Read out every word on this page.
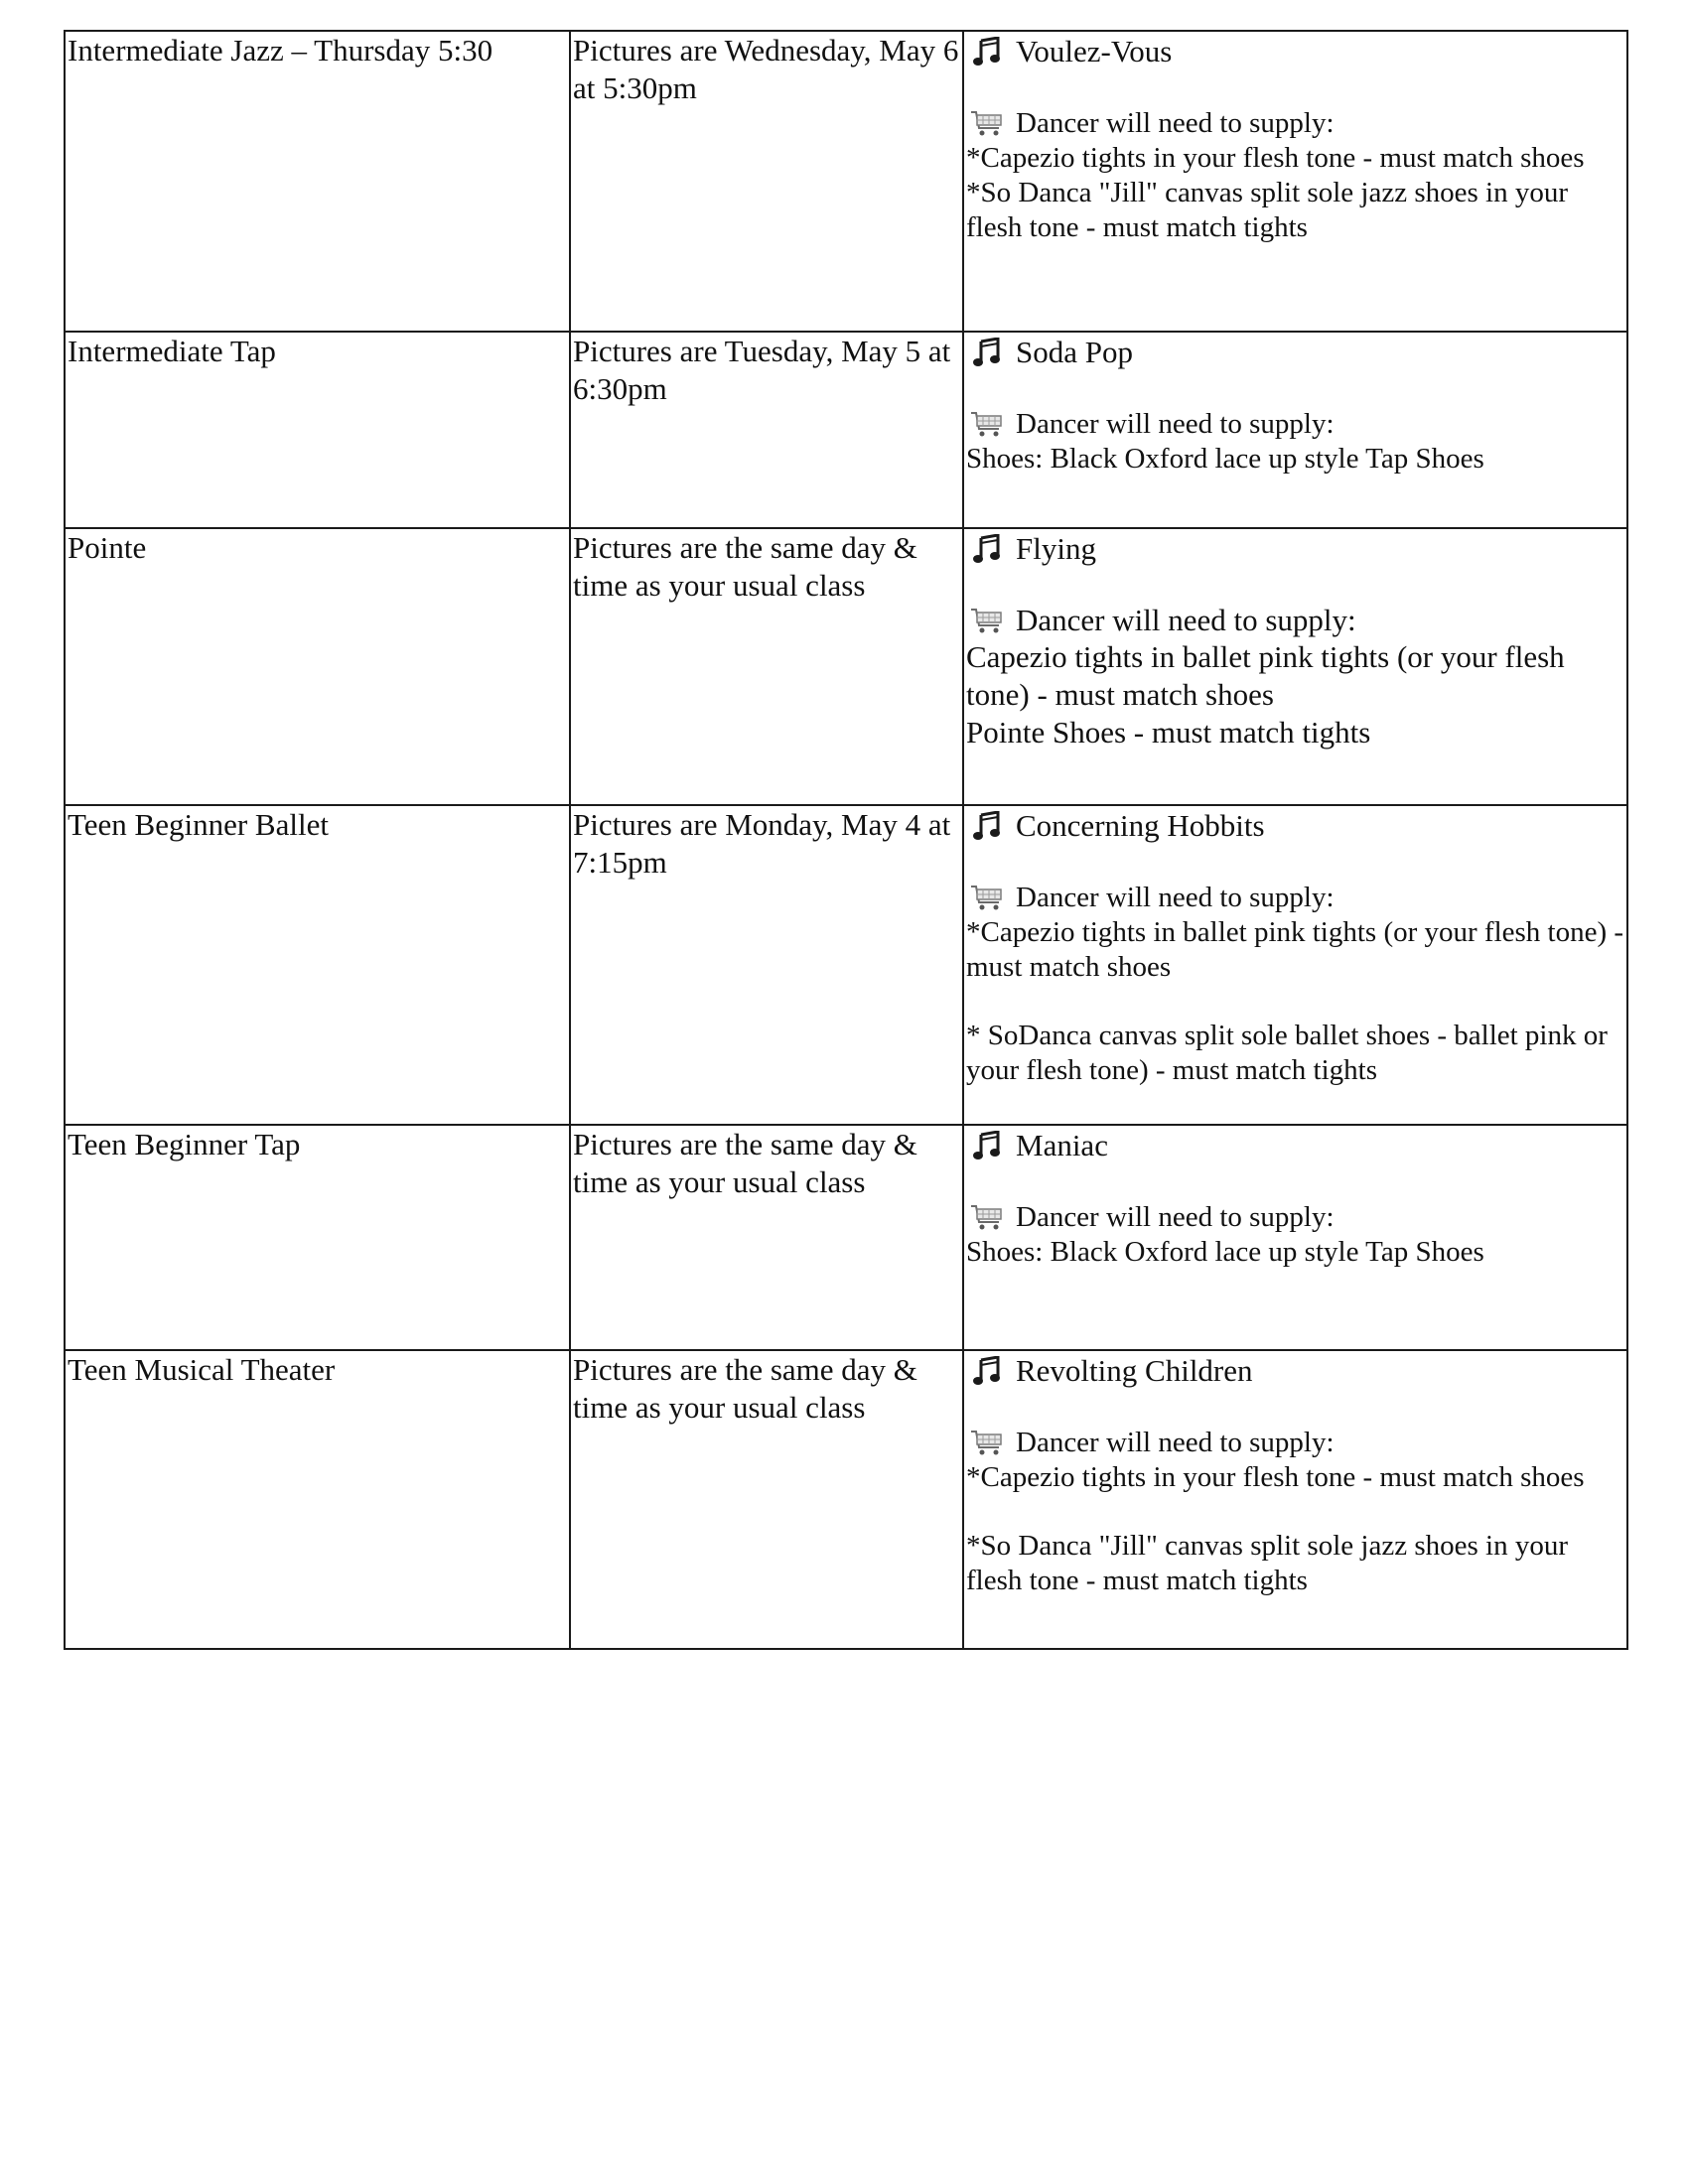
Intermediate Jazz – Thursday 5:30	Pictures are Wednesday, May 6 at 5:30pm	Voulez-Vous
Dancer will need to supply:
*Capezio tights in your flesh tone - must match shoes
*So Danca "Jill" canvas split sole jazz shoes in your flesh tone - must match tights

Intermediate Tap	Pictures are Tuesday, May 5 at 6:30pm	Soda Pop
Dancer will need to supply:
Shoes: Black Oxford lace up style Tap Shoes

Pointe	Pictures are the same day & time as your usual class	Flying
Dancer will need to supply:
Capezio tights in ballet pink tights (or your flesh tone) - must match shoes
Pointe Shoes - must match tights

Teen Beginner Ballet	Pictures are Monday, May 4 at 7:15pm	Concerning Hobbits
Dancer will need to supply:
*Capezio tights in ballet pink tights (or your flesh tone) - must match shoes
* SoDanca canvas split sole ballet shoes - ballet pink or your flesh tone) - must match tights

Teen Beginner Tap	Pictures are the same day & time as your usual class	Maniac
Dancer will need to supply:
Shoes: Black Oxford lace up style Tap Shoes

Teen Musical Theater	Pictures are the same day & time as your usual class	Revolting Children
Dancer will need to supply:
*Capezio tights in your flesh tone - must match shoes
*So Danca "Jill" canvas split sole jazz shoes in your flesh tone - must match tights
